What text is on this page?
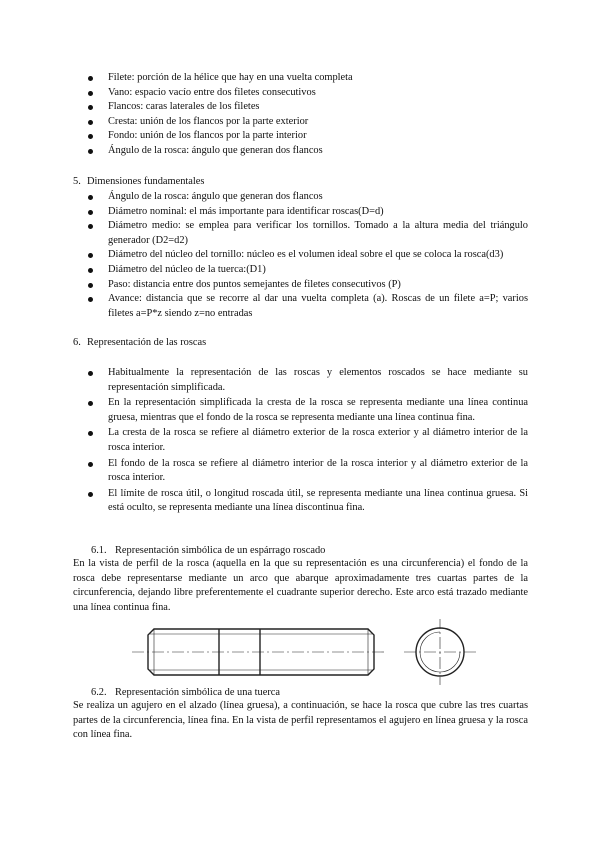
Filete: porción de la hélice que hay en una vuelta completa
Vano: espacio vacío entre dos filetes consecutivos
Flancos: caras laterales de los filetes
Cresta: unión de los flancos por la parte exterior
Fondo: unión de los flancos por la parte interior
Ángulo de la rosca: ángulo que generan dos flancos
5. Dimensiones fundamentales
Ángulo de la rosca: ángulo que generan dos flancos
Diámetro nominal: el más importante para identificar roscas(D=d)
Diámetro medio: se emplea para verificar los tornillos. Tomado a la altura media del triángulo generador (D2=d2)
Diámetro del núcleo del tornillo: núcleo es el volumen ideal sobre el que se coloca la rosca(d3)
Diámetro del núcleo de la tuerca:(D1)
Paso: distancia entre dos puntos semejantes de filetes consecutivos (P)
Avance: distancia que se recorre al dar una vuelta completa (a). Roscas de un filete a=P; varios filetes a=P*z siendo z=no entradas
6. Representación de las roscas
Habitualmente la representación de las roscas y elementos roscados se hace mediante su representación simplificada.
En la representación simplificada la cresta de la rosca se representa mediante una línea continua gruesa, mientras que el fondo de la rosca se representa mediante una línea continua fina.
La cresta de la rosca se refiere al diámetro exterior de la rosca exterior y al diámetro interior de la rosca interior.
El fondo de la rosca se refiere al diámetro interior de la rosca interior y al diámetro exterior de la rosca interior.
El límite de rosca útil, o longitud roscada útil, se representa mediante una línea continua gruesa. Si está oculto, se representa mediante una línea discontinua fina.
6.1. Representación simbólica de un espárrago roscado
En la vista de perfil de la rosca (aquella en la que su representación es una circunferencia) el fondo de la rosca debe representarse mediante un arco que abarque aproximadamente tres cuartas partes de la circunferencia, dejando libre preferentemente el cuadrante superior derecho. Este arco está trazado mediante una línea continua fina.
6.2. Representación simbólica de una tuerca
Se realiza un agujero en el alzado (línea gruesa), a continuación, se hace la rosca que cubre las tres cuartas partes de la circunferencia, línea fina. En la vista de perfil representamos el agujero en línea gruesa y la rosca con línea fina.
